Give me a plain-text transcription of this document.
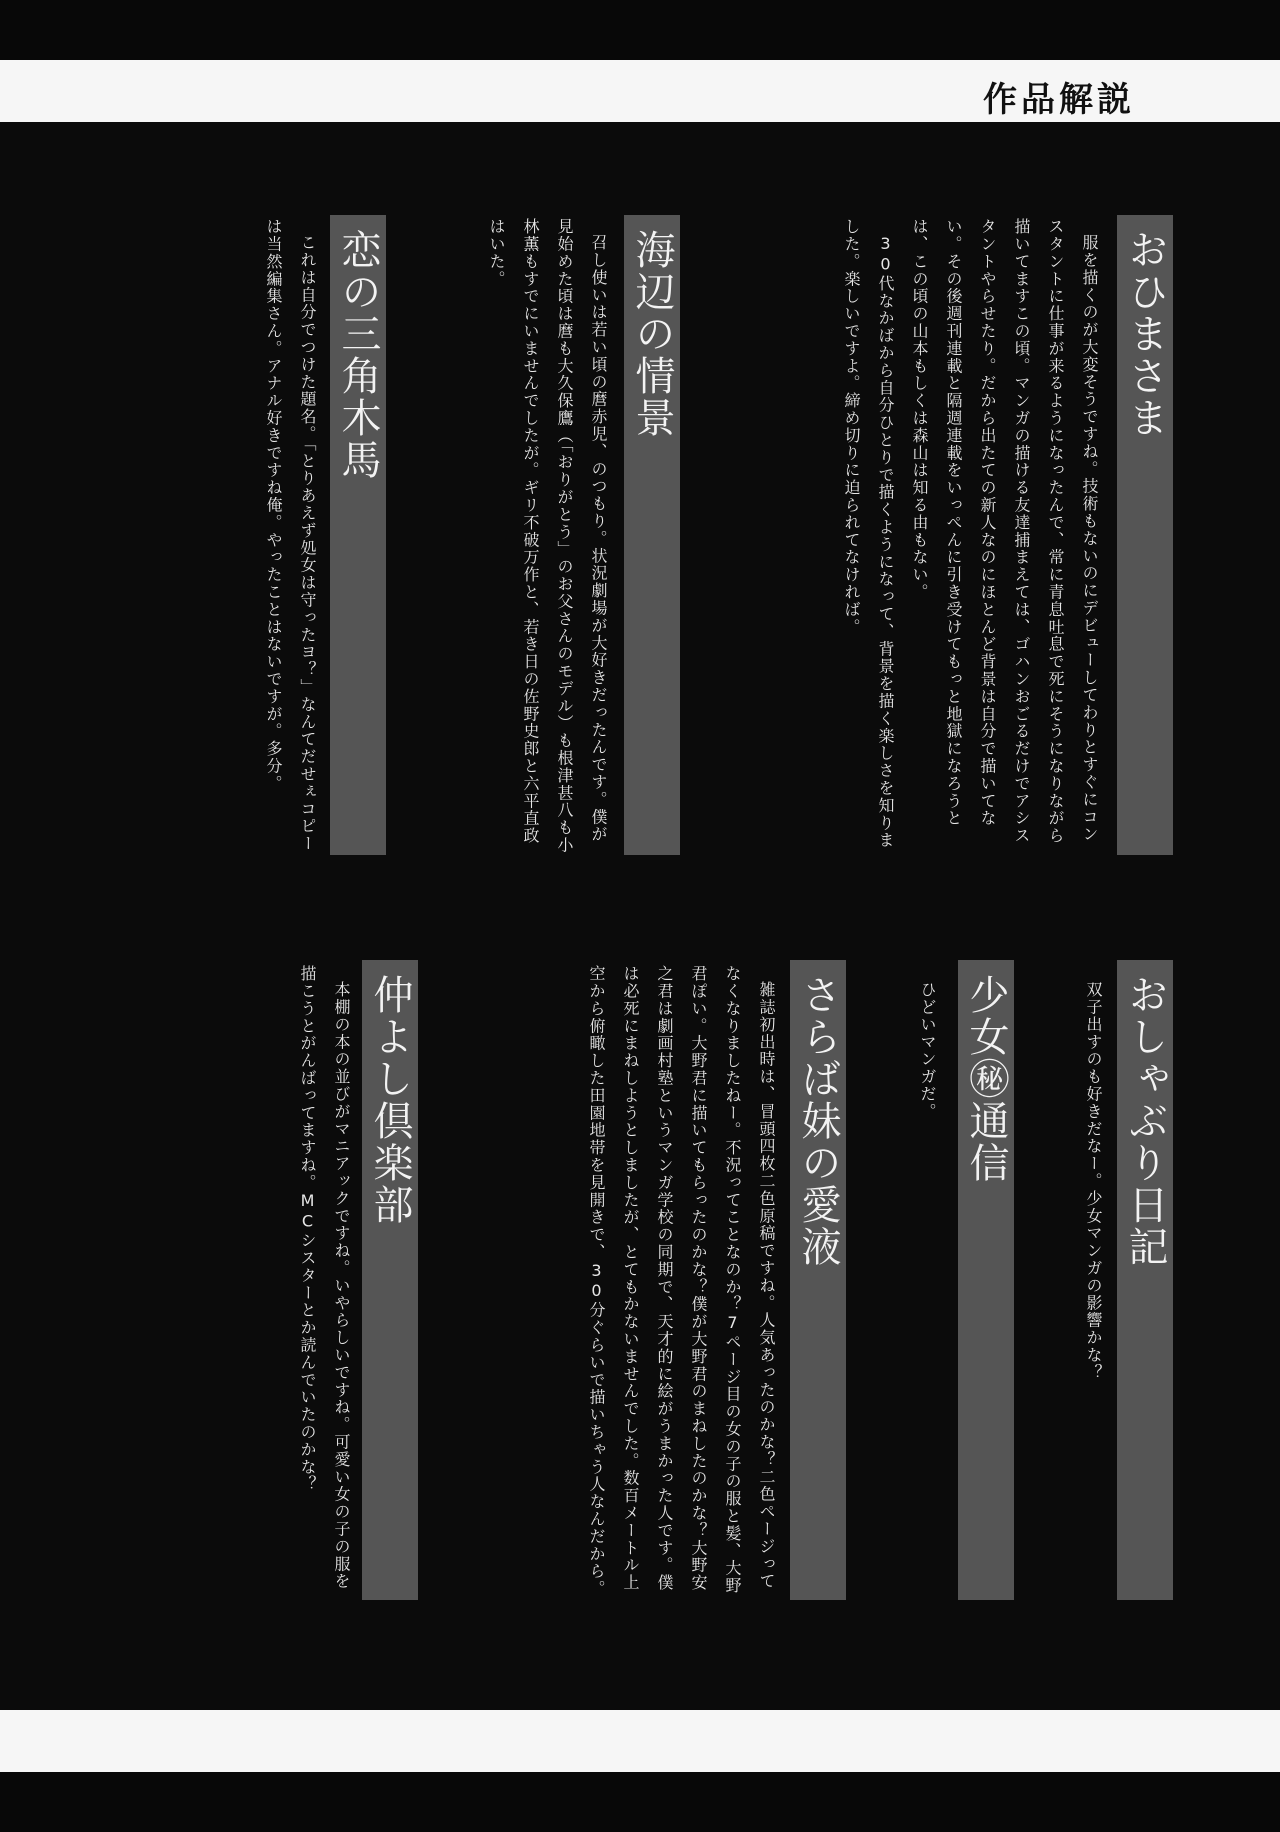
作品解説
おひまさま
服を描くのが大変そうですね。技術もないのにデビューしてわりとすぐにコンスタントに仕事が来るようになったんで、常に青息吐息で死にそうになりながら描いてますこの頃。マンガの描ける友達捕まえては、ゴハンおごるだけでアシスタントやらせたり。だから出たての新人なのにほとんど背景は自分で描いてない。その後週刊連載と隔週連載をいっぺんに引き受けてもっと地獄になろうとは、この頃の山本もしくは森山は知る由もない。
30代なかばから自分ひとりで描くようになって、背景を描く楽しさを知りました。楽しいですよ。締め切りに迫られてなければ。
海辺の情景
召し使いは若い頃の麿赤児、のつもり。状況劇場が大好きだったんです。僕が見始めた頃は麿も大久保鷹（「おりがとう」のお父さんのモデル）も根津甚八も小林薫もすでにいませんでしたが。ギリ不破万作と、若き日の佐野史郎と六平直政はいた。
恋の三角木馬
これは自分でつけた題名。「とりあえず処女は守ったヨ？」なんてだせぇコピーは当然編集さん。アナル好きですね俺。やったことはないですが。多分。
おしゃぶり日記
双子出すのも好きだなー。少女マンガの影響かな？
少女㊙通信
ひどいマンガだ。
さらば妹の愛液
雑誌初出時は、冒頭四枚二色原稿ですね。人気あったのかな？二色ページってなくなりましたねー。不況ってことなのか？7ページ目の女の子の服と髪、大野君ぽい。大野君に描いてもらったのかな？僕が大野君のまねしたのかな？大野安之君は劇画村塾というマンガ学校の同期で、天才的に絵がうまかった人です。僕は必死にまねしようとしましたが、とてもかないませんでした。数百メートル上空から俯瞰した田園地帯を見開きで、30分ぐらいで描いちゃう人なんだから。
仲よし倶楽部
本棚の本の並びがマニアックですね。いやらしいですね。可愛い女の子の服を描こうとがんばってますね。MCシスターとか読んでいたのかな？
